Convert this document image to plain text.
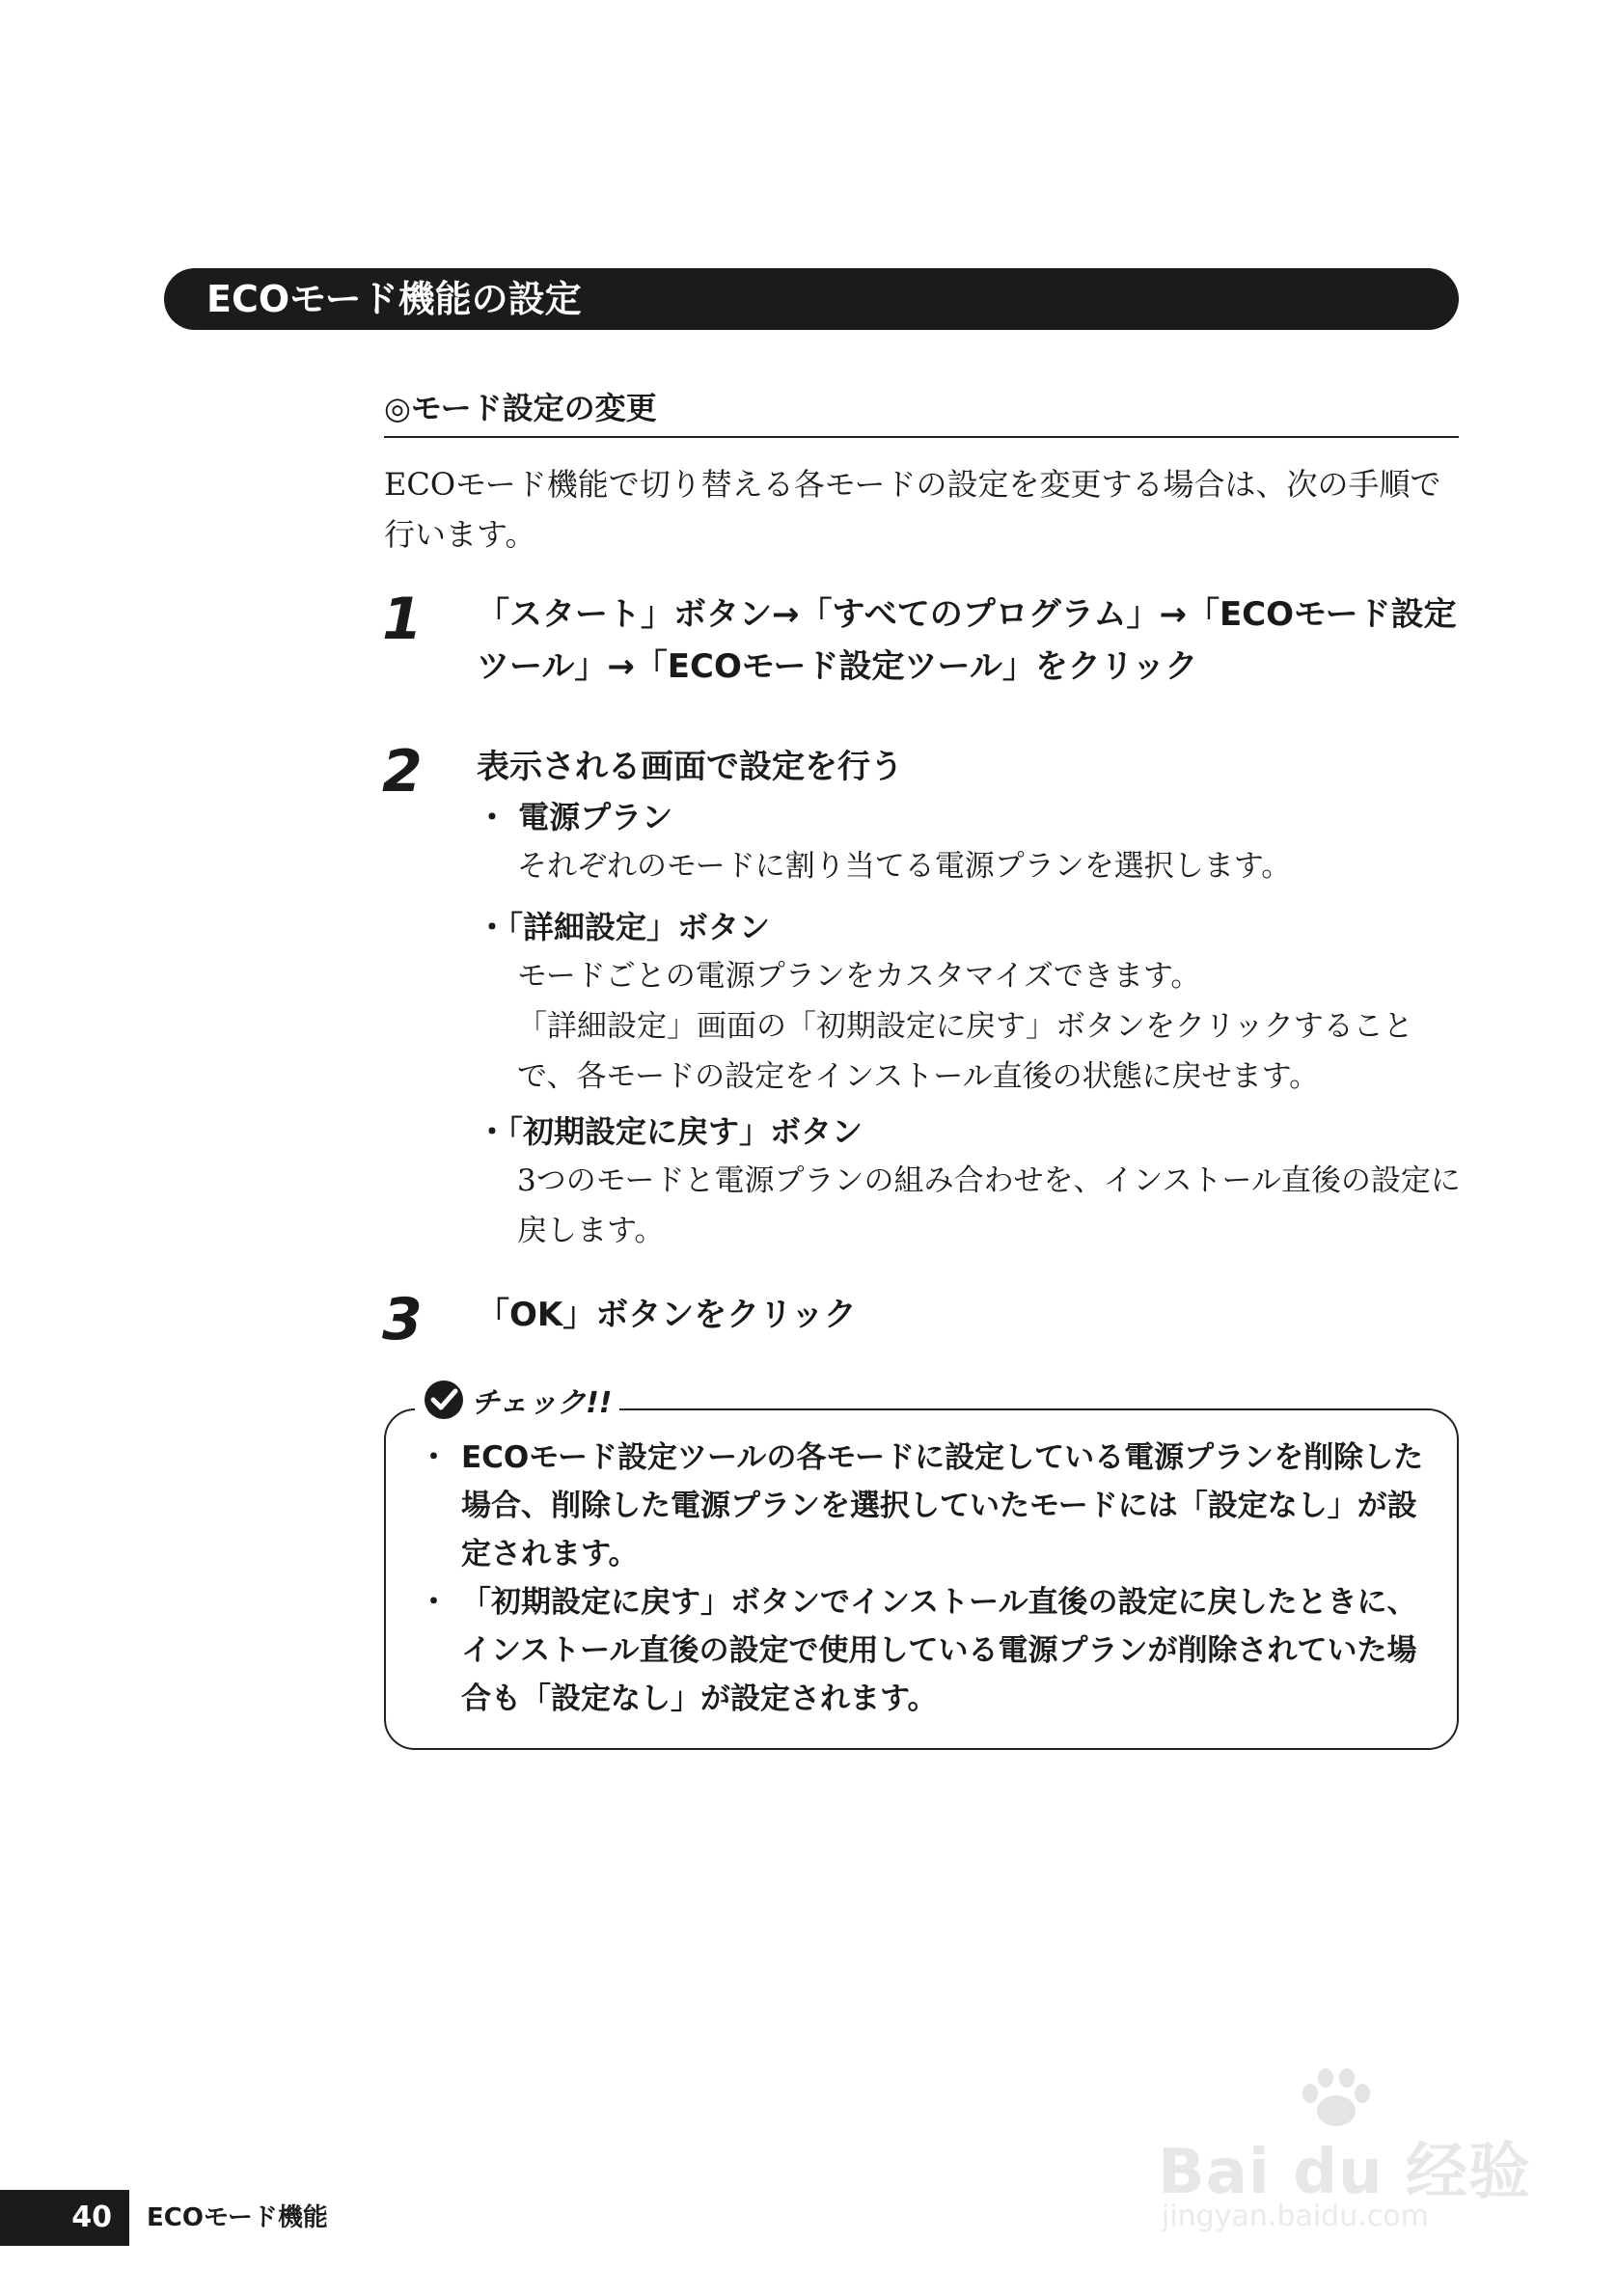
ECOモード機能の設定
◎モード設定の変更
ECOモード機能で切り替える各モードの設定を変更する場合は、次の手順で行います。
1 「スタート」ボタン→「すべてのプログラム」→「ECOモード設定ツール」→「ECOモード設定ツール」をクリック
2 表示される画面で設定を行う
・ 電源プラン
それぞれのモードに割り当てる電源プランを選択します。
・「詳細設定」ボタン
モードごとの電源プランをカスタマイズできます。
「詳細設定」画面の「初期設定に戻す」ボタンをクリックすることで、各モードの設定をインストール直後の状態に戻せます。
・「初期設定に戻す」ボタン
3つのモードと電源プランの組み合わせを、インストール直後の設定に戻します。
3 「OK」ボタンをクリック
チェック!!
・ ECOモード設定ツールの各モードに設定している電源プランを削除した場合、削除した電源プランを選択していたモードには「設定なし」が設定されます。
・ 「初期設定に戻す」ボタンでインストール直後の設定に戻したときに、インストール直後の設定で使用している電源プランが削除されていた場合も「設定なし」が設定されます。
40	ECOモード機能
Bai du 经验
jingyan.baidu.com
